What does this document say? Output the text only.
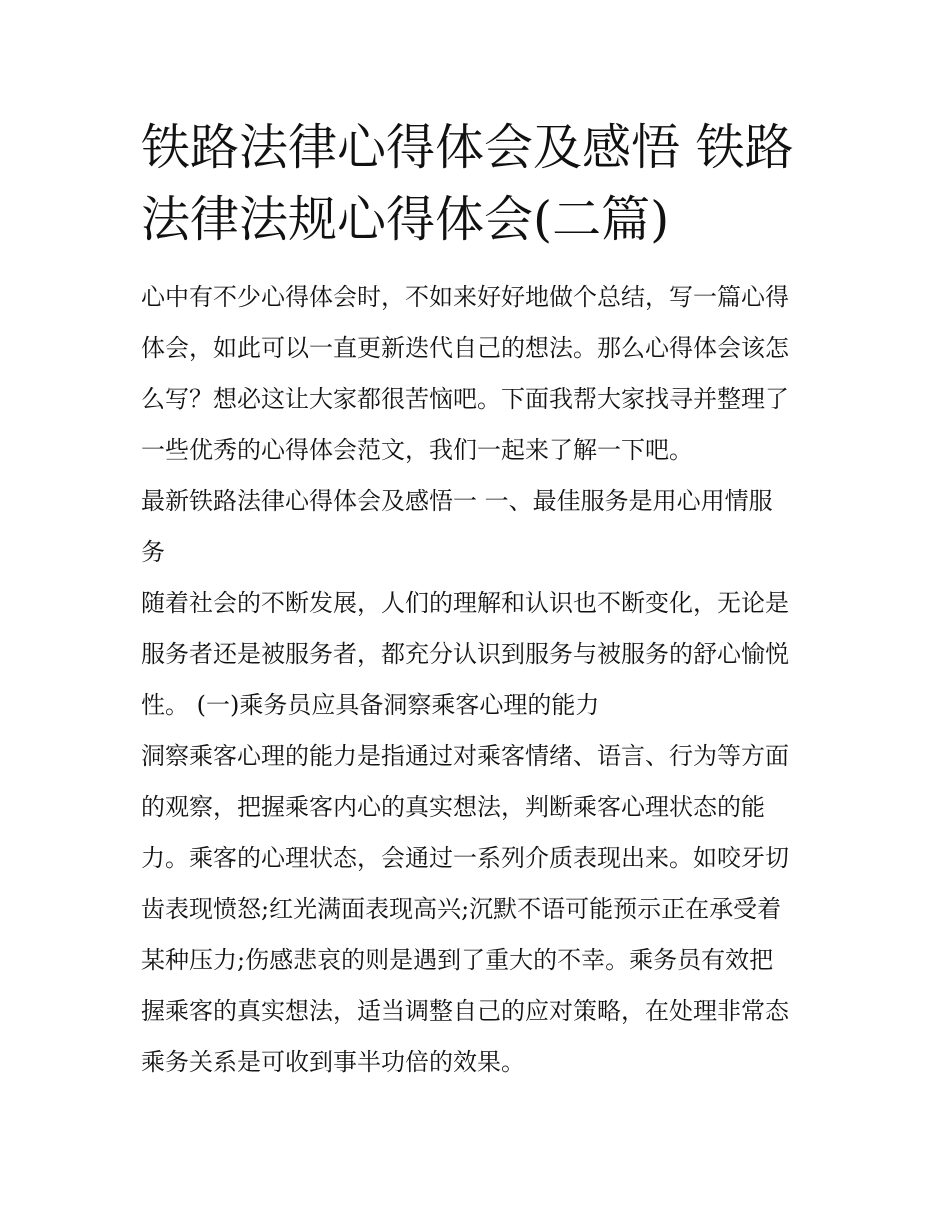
铁路法律心得体会及感悟 铁路
法律法规心得体会(二篇)

心中有不少心得体会时，不如来好好地做个总结，写一篇心得
体会，如此可以一直更新迭代自己的想法。那么心得体会该怎
么写？想必这让大家都很苦恼吧。下面我帮大家找寻并整理了
一些优秀的心得体会范文，我们一起来了解一下吧。

最新铁路法律心得体会及感悟一 一、最佳服务是用心用情服
务

随着社会的不断发展，人们的理解和认识也不断变化，无论是
服务者还是被服务者，都充分认识到服务与被服务的舒心愉悦
性。 (一)乘务员应具备洞察乘客心理的能力

洞察乘客心理的能力是指通过对乘客情绪、语言、行为等方面
的观察，把握乘客内心的真实想法，判断乘客心理状态的能
力。乘客的心理状态，会通过一系列介质表现出来。如咬牙切
齿表现愤怒;红光满面表现高兴;沉默不语可能预示正在承受着
某种压力;伤感悲哀的则是遇到了重大的不幸。乘务员有效把
握乘客的真实想法，适当调整自己的应对策略，在处理非常态
乘务关系是可收到事半功倍的效果。
